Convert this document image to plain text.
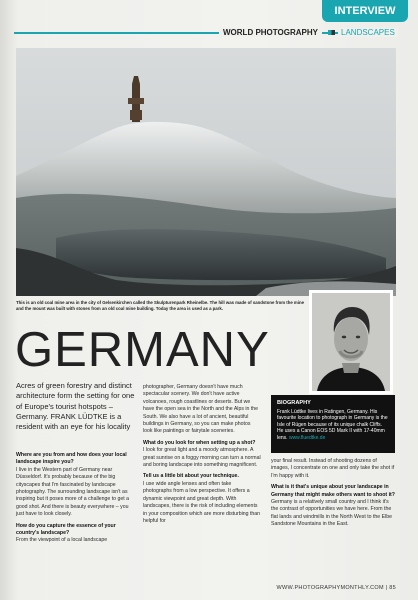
INTERVIEW
WORLD PHOTOGRAPHY	LANDSCAPES
This is an old coal mine area in the city of Gelsenkirchen called the Skulpturenpark Rheinelbe. The hill was made of sandstone from the mine and the mount was built with stones from an old coal mine building. Today the area is used as a park.
BIOGRAPHY
Frank Lüdtke lives in Ratingen, Germany. His favourite location to photograph in Germany is the Isle of Rügen because of its unique chalk Cliffs. He uses a Canon EOS 5D Mark II with 17-40mm lens.www.fluedtke.de
GERMANY
Acres of green forestry and distinct architecture form the setting for one of Europe's tourist hotspots – Germany. FRANK LÜDTKE is a resident with an eye for his locality

Where are you from and how does your local landscape inspire you?
I live in the Western part of Germany near Düsseldorf. It's probably because of the big cityscapes that I'm fascinated by landscape photography. The surrounding landscape isn't as inspiring but it poses more of a challenge to get a good shot. And there is beauty everywhere – you just have to look closely.

How do you capture the essence of your country's landscape?
From the viewpoint of a local landscape

photographer, Germany doesn't have much spectacular scenery. We don't have active volcanoes, rough coastlines or deserts. But we have the open sea in the North and the Alps in the South. We also have a lot of ancient, beautiful buildings in Germany, so you can make photos look like paintings or fairytale sceneries.

What do you look for when setting up a shot?
I look for great light and a moody atmosphere. A great sunrise on a foggy morning can turn a normal and boring landscape into something magnificent.

Tell us a little bit about your technique.
I use wide angle lenses and often take photographs from a low perspective. It offers a dynamic viewpoint and great depth. With landscapes, there is the risk of including elements in your composition which are more disturbing than helpful for

your final result. Instead of shooting dozens of images, I concentrate on one and only take the shot if I'm happy with it.

What is it that's unique about your landscape in Germany that might make others want to shoot it?
Germany is a relatively small country and I think it's the contrast of opportunities we have here. From the flat lands and windmills in the North West to the Elbe Sandstone Mountains in the East.

WWW.PHOTOGRAPHYMONTHLY.COM | 85
